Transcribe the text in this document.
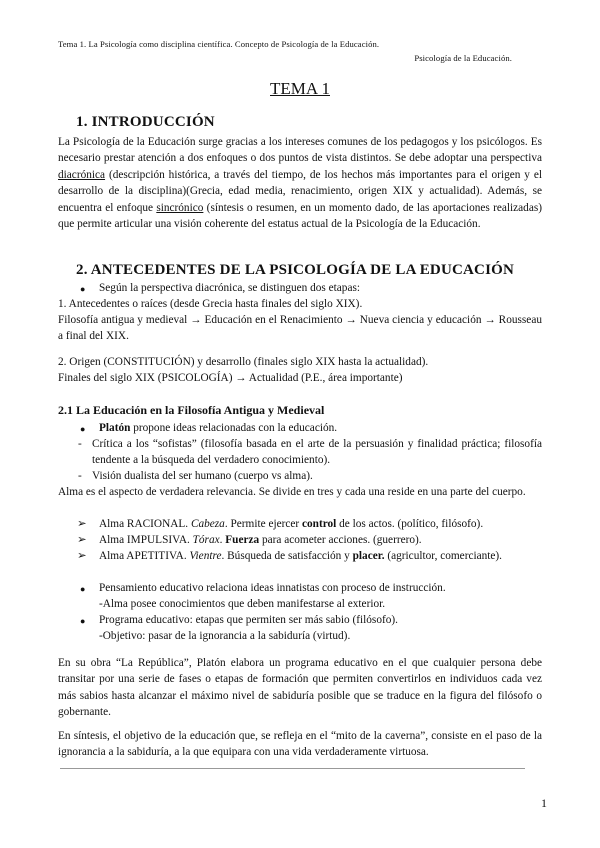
Tema 1. La Psicología como disciplina científica. Concepto de Psicología de la Educación.
Psicología de la Educación.
TEMA 1
1. INTRODUCCIÓN
La Psicología de la Educación surge gracias a los intereses comunes de los pedagogos y los psicólogos. Es necesario prestar atención a dos enfoques o dos puntos de vista distintos. Se debe adoptar una perspectiva diacrónica (descripción histórica, a través del tiempo, de los hechos más importantes para el origen y el desarrollo de la disciplina)(Grecia, edad media, renacimiento, origen XIX y actualidad). Además, se encuentra el enfoque sincrónico (síntesis o resumen, en un momento dado, de las aportaciones realizadas) que permite articular una visión coherente del estatus actual de la Psicología de la Educación.
2. ANTECEDENTES DE LA PSICOLOGÍA DE LA EDUCACIÓN
● Según la perspectiva diacrónica, se distinguen dos etapas:
1. Antecedentes o raíces (desde Grecia hasta finales del siglo XIX).
Filosofía antigua y medieval → Educación en el Renacimiento → Nueva ciencia y educación → Rousseau a final del XIX.
2. Origen (CONSTITUCIÓN) y desarrollo (finales siglo XIX hasta la actualidad).
Finales del siglo XIX (PSICOLOGÍA) → Actualidad (P.E., área importante)
2.1 La Educación en la Filosofía Antigua y Medieval
● Platón propone ideas relacionadas con la educación.
- Crítica a los “sofistas” (filosofía basada en el arte de la persuasión y finalidad práctica; filosofía tendente a la búsqueda del verdadero conocimiento).
- Visión dualista del ser humano (cuerpo vs alma).
Alma es el aspecto de verdadera relevancia. Se divide en tres y cada una reside en una parte del cuerpo.
➢ Alma RACIONAL. Cabeza. Permite ejercer control de los actos. (político, filósofo).
➢ Alma IMPULSIVA. Tórax. Fuerza para acometer acciones. (guerrero).
➢ Alma APETITIVA. Vientre. Búsqueda de satisfacción y placer. (agricultor, comerciante).
● Pensamiento educativo relaciona ideas innatistas con proceso de instrucción.
-Alma posee conocimientos que deben manifestarse al exterior.
● Programa educativo: etapas que permiten ser más sabio (filósofo).
-Objetivo: pasar de la ignorancia a la sabiduría (virtud).
En su obra “La República”, Platón elabora un programa educativo en el que cualquier persona debe transitar por una serie de fases o etapas de formación que permiten convertirlos en individuos cada vez más sabios hasta alcanzar el máximo nivel de sabiduría posible que se traduce en la figura del filósofo o gobernante.
En síntesis, el objetivo de la educación que, se refleja en el “mito de la caverna”, consiste en el paso de la ignorancia a la sabiduría, a la que equipara con una vida verdaderamente virtuosa.
1
